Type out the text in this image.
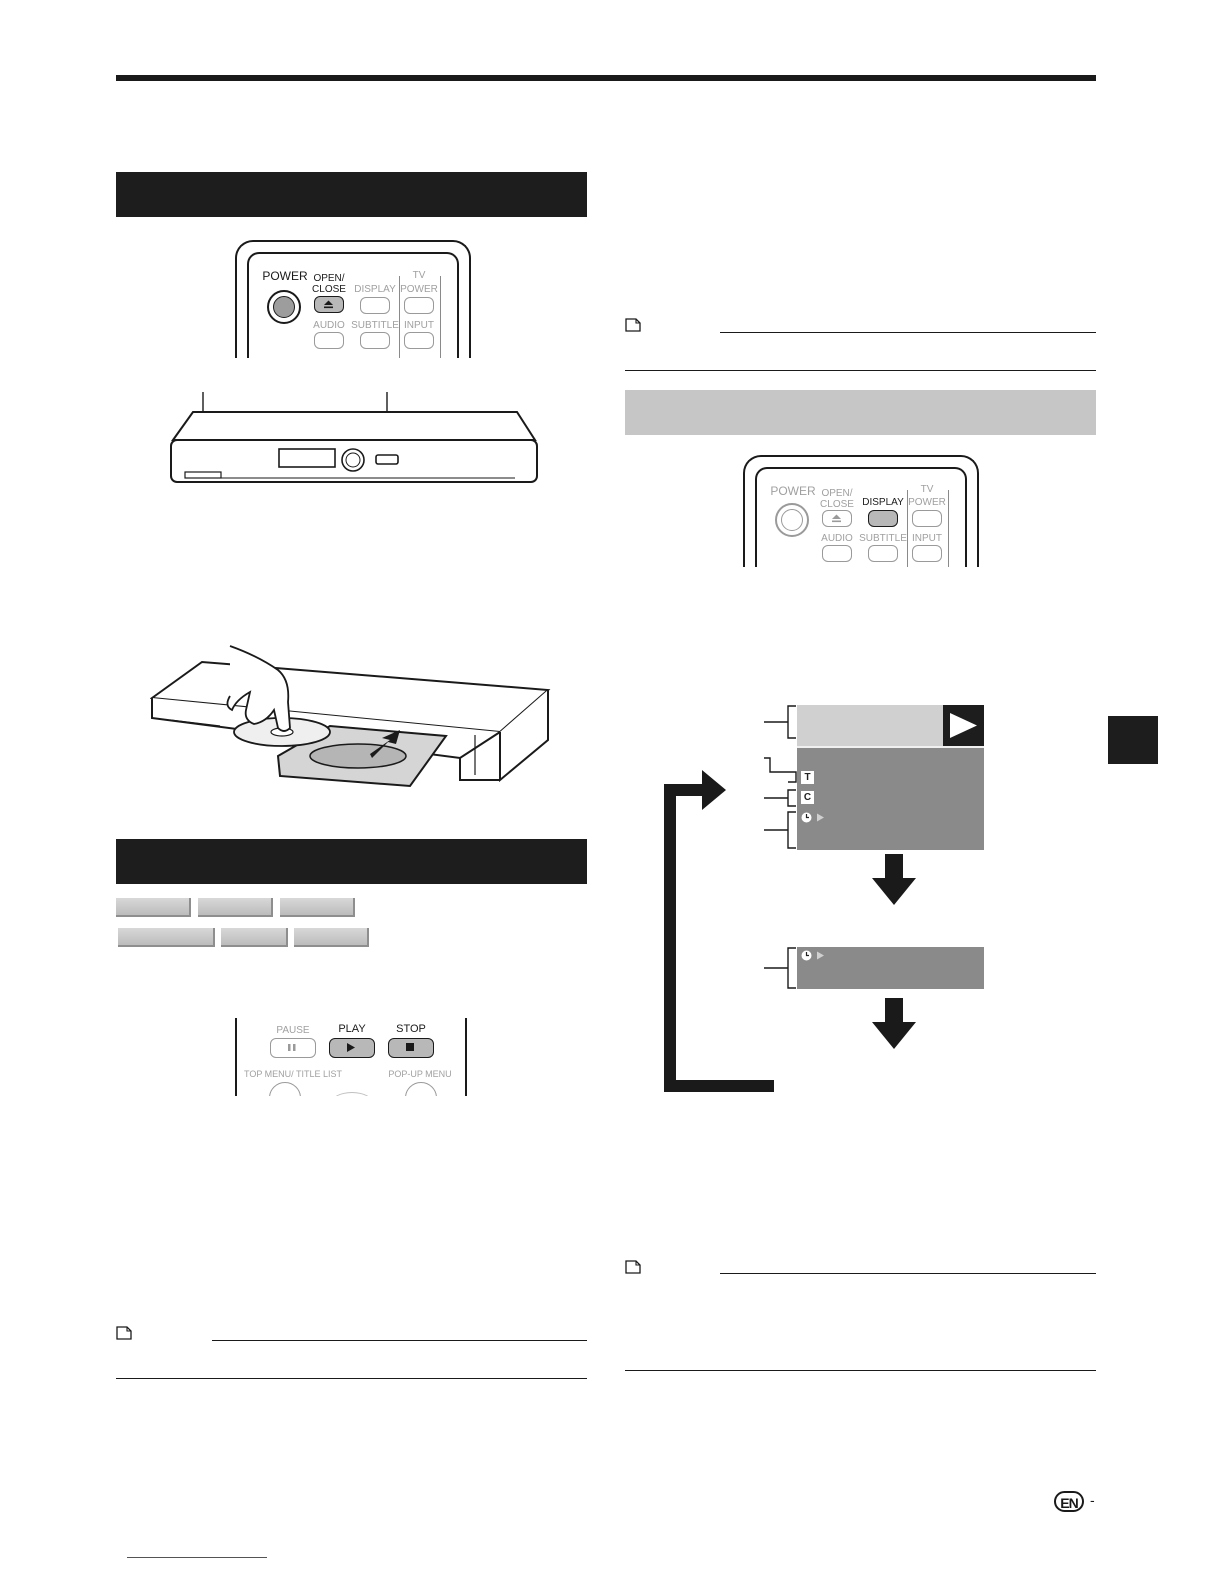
POWER OPEN/
CLOSE DISPLAY
TV
POWER
AUDIO SUBTITLE INPUT
PAUSE	PLAY	STOP
TOP MENU/ TITLE LIST	POP-UP MENU
POWER OPEN/
CLOSE DISPLAY
TV
POWER
AUDIO SUBTITLE INPUT
T
C
EN -
